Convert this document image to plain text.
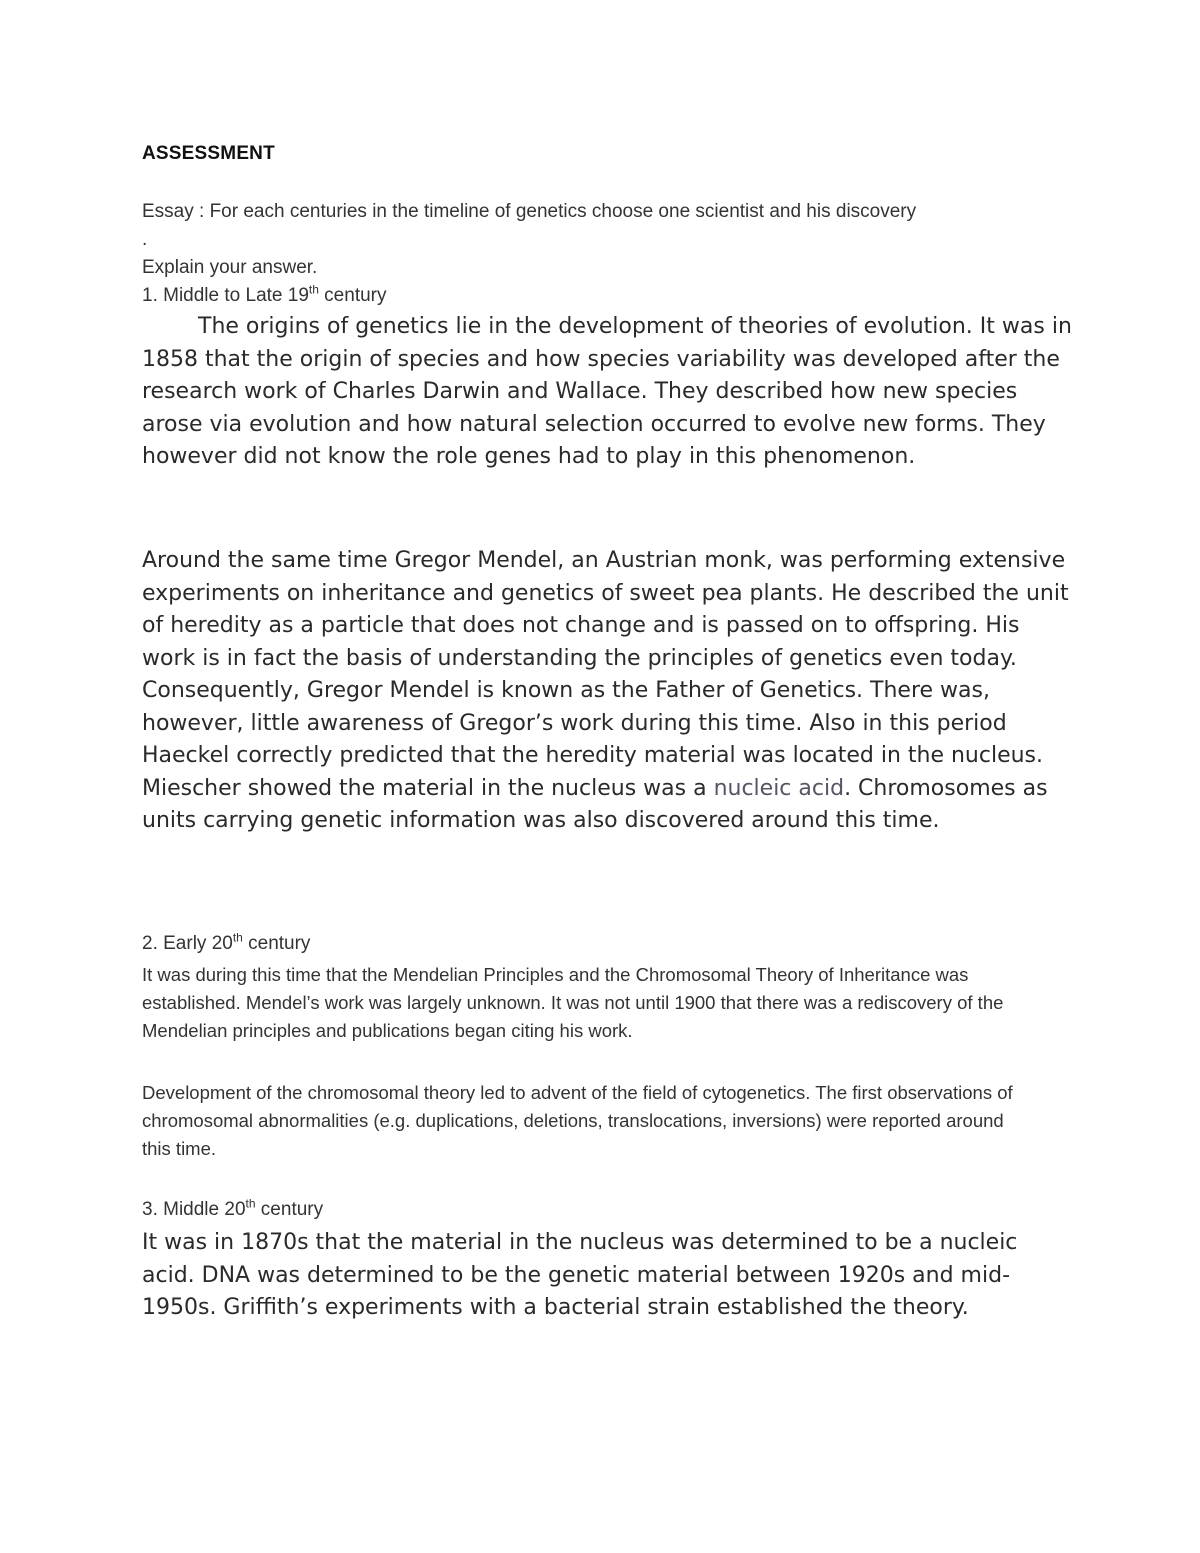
ASSESSMENT
Essay : For each centuries in the timeline of genetics choose one scientist and his discovery
.
Explain your answer.
1. Middle to Late 19th century

The origins of genetics lie in the development of theories of evolution. It was in 1858 that the origin of species and how species variability was developed after the research work of Charles Darwin and Wallace. They described how new species arose via evolution and how natural selection occurred to evolve new forms. They however did not know the role genes had to play in this phenomenon.

Around the same time Gregor Mendel, an Austrian monk, was performing extensive experiments on inheritance and genetics of sweet pea plants. He described the unit of heredity as a particle that does not change and is passed on to offspring. His work is in fact the basis of understanding the principles of genetics even today. Consequently, Gregor Mendel is known as the Father of Genetics. There was, however, little awareness of Gregor’s work during this time. Also in this period Haeckel correctly predicted that the heredity material was located in the nucleus. Miescher showed the material in the nucleus was a nucleic acid. Chromosomes as units carrying genetic information was also discovered around this time.

2. Early 20th century

It was during this time that the Mendelian Principles and the Chromosomal Theory of Inheritance was established. Mendel’s work was largely unknown. It was not until 1900 that there was a rediscovery of the Mendelian principles and publications began citing his work.

Development of the chromosomal theory led to advent of the field of cytogenetics. The first observations of chromosomal abnormalities (e.g. duplications, deletions, translocations, inversions) were reported around this time.

3. Middle 20th century

It was in 1870s that the material in the nucleus was determined to be a nucleic acid. DNA was determined to be the genetic material between 1920s and mid-1950s. Griffith’s experiments with a bacterial strain established the theory.
